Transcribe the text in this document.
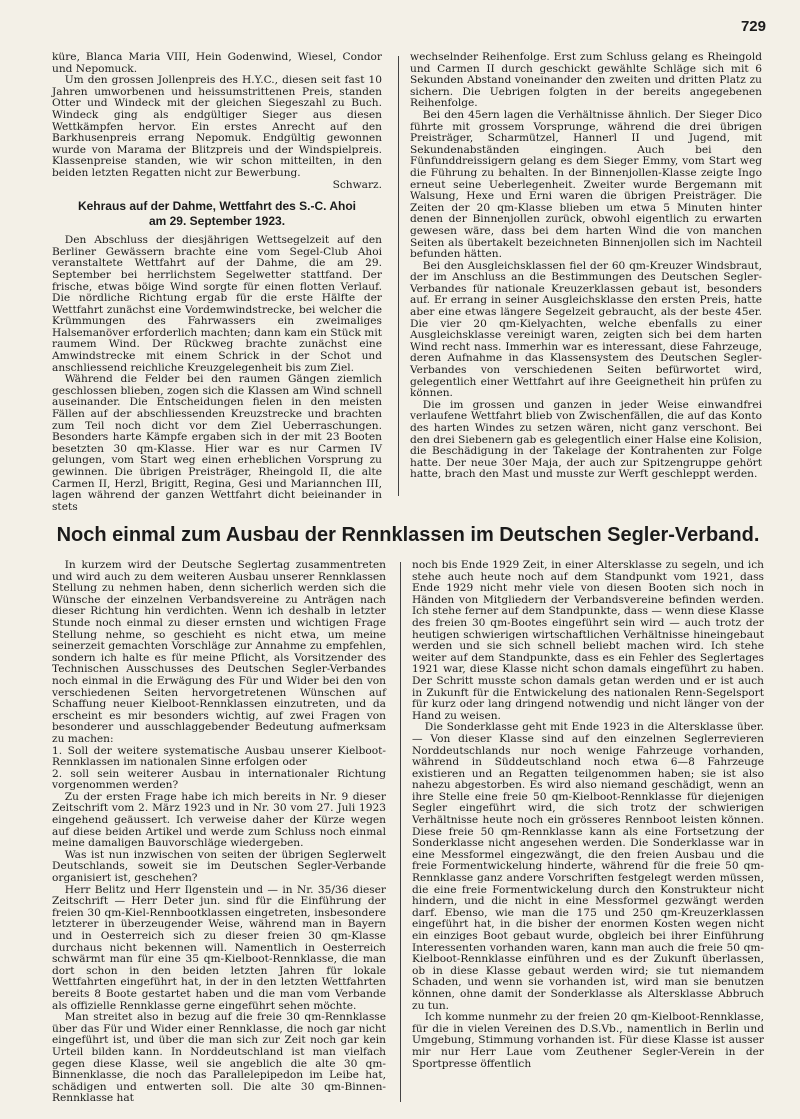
729

küre, Blanca Maria VIII, Hein Godenwind, Wiesel, Condor und Nepomuck.

Um den grossen Jollenpreis des H.Y.C., diesen seit fast 10 Jahren umworbenen und heissumstrittenen Preis, standen Otter und Windeck mit der gleichen Siegeszahl zu Buch. Windeck ging als endgültiger Sieger aus diesen Wettkämpfen hervor. Ein erstes Anrecht auf den Barkhusenpreis errang Nepomuk. Endgültig gewonnen wurde von Marama der Blitzpreis und der Windspielpreis. Klassenpreise standen, wie wir schon mitteilten, in den beiden letzten Regatten nicht zur Bewerbung.

Schwarz.

Kehraus auf der Dahme, Wettfahrt des S.-C. Ahoi
am 29. September 1923.

Den Abschluss der diesjährigen Wettsegelzeit auf den Berliner Gewässern brachte eine vom Segel-Club Ahoi veranstaltete Wettfahrt auf der Dahme, die am 29. September bei herrlichstem Segelwetter stattfand. Der frische, etwas böige Wind sorgte für einen flotten Verlauf. Die nördliche Richtung ergab für die erste Hälfte der Wettfahrt zunächst eine Vordemwindstrecke, bei welcher die Krümmungen des Fahrwassers ein zweimaliges Halsemanöver erforderlich machten; dann kam ein Stück mit raumem Wind. Der Rückweg brachte zunächst eine Amwindstrecke mit einem Schrick in der Schot und anschliessend reichliche Kreuzgelegenheit bis zum Ziel.

Während die Felder bei den raumen Gängen ziemlich geschlossen blieben, zogen sich die Klassen am Wind schnell auseinander. Die Entscheidungen fielen in den meisten Fällen auf der abschliessenden Kreuzstrecke und brachten zum Teil noch dicht vor dem Ziel Ueberraschungen. Besonders harte Kämpfe ergaben sich in der mit 23 Booten besetzten 30 qm-Klasse. Hier war es nur Carmen IV gelungen, vom Start weg einen erheblichen Vorsprung zu gewinnen. Die übrigen Preisträger, Rheingold II, die alte Carmen II, Herzl, Brigitt, Regina, Gesi und Mariannchen III, lagen während der ganzen Wettfahrt dicht beieinander in stets

wechselnder Reihenfolge. Erst zum Schluss gelang es Rheingold und Carmen II durch geschickt gewählte Schläge sich mit 6 Sekunden Abstand voneinander den zweiten und dritten Platz zu sichern. Die Uebrigen folgten in der bereits angegebenen Reihenfolge.

Bei den 45ern lagen die Verhältnisse ähnlich. Der Sieger Dico führte mit grossem Vorsprunge, während die drei übrigen Preisträger, Scharmützel, Hannerl II und Jugend, mit Sekundenabständen eingingen. Auch bei den Fünfunddreissigern gelang es dem Sieger Emmy, vom Start weg die Führung zu behalten. In der Binnenjollen-Klasse zeigte Ingo erneut seine Ueberlegenheit. Zweiter wurde Bergemann mit Walsung, Hexe und Erni waren die übrigen Preisträger. Die Zeiten der 20 qm-Klasse blieben um etwa 5 Minuten hinter denen der Binnenjollen zurück, obwohl eigentlich zu erwarten gewesen wäre, dass bei dem harten Wind die von manchen Seiten als übertakelt bezeichneten Binnenjollen sich im Nachteil befunden hätten.

Bei den Ausgleichsklassen fiel der 60 qm-Kreuzer Windsbraut, der im Anschluss an die Bestimmungen des Deutschen Segler-Verbandes für nationale Kreuzerklassen gebaut ist, besonders auf. Er errang in seiner Ausgleichsklasse den ersten Preis, hatte aber eine etwas längere Segelzeit gebraucht, als der beste 45er. Die vier 20 qm-Kielyachten, welche ebenfalls zu einer Ausgleichsklasse vereinigt waren, zeigten sich bei dem harten Wind recht nass. Immerhin war es interessant, diese Fahrzeuge, deren Aufnahme in das Klassensystem des Deutschen Segler-Verbandes von verschiedenen Seiten befürwortet wird, gelegentlich einer Wettfahrt auf ihre Geeignetheit hin prüfen zu können.

Die im grossen und ganzen in jeder Weise einwandfrei verlaufene Wettfahrt blieb von Zwischenfällen, die auf das Konto des harten Windes zu setzen wären, nicht ganz verschont. Bei den drei Siebenern gab es gelegentlich einer Halse eine Kolision, die Beschädigung in der Takelage der Kontrahenten zur Folge hatte. Der neue 30er Maja, der auch zur Spitzengruppe gehört hatte, brach den Mast und musste zur Werft geschleppt werden.

Noch einmal zum Ausbau der Rennklassen im Deutschen Segler-Verband.

In kurzem wird der Deutsche Seglertag zusammentreten und wird auch zu dem weiteren Ausbau unserer Rennklassen Stellung zu nehmen haben, denn sicherlich werden sich die Wünsche der einzelnen Verbandsvereine zu Anträgen nach dieser Richtung hin verdichten. Wenn ich deshalb in letzter Stunde noch einmal zu dieser ernsten und wichtigen Frage Stellung nehme, so geschieht es nicht etwa, um meine seinerzeit gemachten Vorschläge zur Annahme zu empfehlen, sondern ich halte es für meine Pflicht, als Vorsitzender des Technischen Ausschusses des Deutschen Segler-Verbandes noch einmal in die Erwägung des Für und Wider bei den von verschiedenen Seiten hervorgetretenen Wünschen auf Schaffung neuer Kielboot-Rennklassen einzutreten, und da erscheint es mir besonders wichtig, auf zwei Fragen von besonderer und ausschlaggebender Bedeutung aufmerksam zu machen:

1. Soll der weitere systematische Ausbau unserer Kielboot-Rennklassen im nationalen Sinne erfolgen oder

2. soll sein weiterer Ausbau in internationaler Richtung vorgenommen werden?

Zu der ersten Frage habe ich mich bereits in Nr. 9 dieser Zeitschrift vom 2. März 1923 und in Nr. 30 vom 27. Juli 1923 eingehend geäussert. Ich verweise daher der Kürze wegen auf diese beiden Artikel und werde zum Schluss noch einmal meine damaligen Bauvorschläge wiedergeben.

Was ist nun inzwischen von seiten der übrigen Seglerwelt Deutschlands, soweit sie im Deutschen Segler-Verbande organisiert ist, geschehen?

Herr Belitz und Herr Ilgenstein und — in Nr. 35/36 dieser Zeitschrift — Herr Deter jun. sind für die Einführung der freien 30 qm-Kiel-Rennbootklassen eingetreten, insbesondere letzterer in überzeugender Weise, während man in Bayern und in Oesterreich sich zu dieser freien 30 qm-Klasse durchaus nicht bekennen will. Namentlich in Oesterreich schwärmt man für eine 35 qm-Kielboot-Rennklasse, die man dort schon in den beiden letzten Jahren für lokale Wettfahrten eingeführt hat, in der in den letzten Wettfahrten bereits 8 Boote gestartet haben und die man vom Verbande als offizielle Rennklasse gerne eingeführt sehen möchte.

Man streitet also in bezug auf die freie 30 qm-Rennklasse über das Für und Wider einer Rennklasse, die noch gar nicht eingeführt ist, und über die man sich zur Zeit noch gar kein Urteil bilden kann. In Norddeutschland ist man vielfach gegen diese Klasse, weil sie angeblich die alte 30 qm-Binnenklasse, die noch das Parallelepipedon im Leibe hat, schädigen und entwerten soll. Die alte 30 qm-Binnen-Rennklasse hat

noch bis Ende 1929 Zeit, in einer Altersklasse zu segeln, und ich stehe auch heute noch auf dem Standpunkt vom 1921, dass Ende 1929 nicht mehr viele von diesen Booten sich noch in Händen von Mitgliedern der Verbandsvereine befinden werden. Ich stehe ferner auf dem Standpunkte, dass — wenn diese Klasse des freien 30 qm-Bootes eingeführt sein wird — auch trotz der heutigen schwierigen wirtschaftlichen Verhältnisse hineingebaut werden und sie sich schnell beliebt machen wird. Ich stehe weiter auf dem Standpunkte, dass es ein Fehler des Seglertages 1921 war, diese Klasse nicht schon damals eingeführt zu haben. Der Schritt musste schon damals getan werden und er ist auch in Zukunft für die Entwickelung des nationalen Renn-Segelsport für kurz oder lang dringend notwendig und nicht länger von der Hand zu weisen.

Die Sonderklasse geht mit Ende 1923 in die Altersklasse über. — Von dieser Klasse sind auf den einzelnen Seglerrevieren Norddeutschlands nur noch wenige Fahrzeuge vorhanden, während in Süddeutschland noch etwa 6—8 Fahrzeuge existieren und an Regatten teilgenommen haben; sie ist also nahezu abgestorben. Es wird also niemand geschädigt, wenn an ihre Stelle eine freie 50 qm-Kielboot-Rennklasse für diejenigen Segler eingeführt wird, die sich trotz der schwierigen Verhältnisse heute noch ein grösseres Rennboot leisten können. Diese freie 50 qm-Rennklasse kann als eine Fortsetzung der Sonderklasse nicht angesehen werden. Die Sonderklasse war in eine Messformel eingezwängt, die den freien Ausbau und die freie Formentwickelung hinderte, während für die freie 50 qm-Rennklasse ganz andere Vorschriften festgelegt werden müssen, die eine freie Formentwickelung durch den Konstrukteur nicht hindern, und die nicht in eine Messformel gezwängt werden darf. Ebenso, wie man die 175 und 250 qm-Kreuzerklassen eingeführt hat, in die bisher der enormen Kosten wegen nicht ein einziges Boot gebaut wurde, obgleich bei ihrer Einführung Interessenten vorhanden waren, kann man auch die freie 50 qm-Kielboot-Rennklasse einführen und es der Zukunft überlassen, ob in diese Klasse gebaut werden wird; sie tut niemandem Schaden, und wenn sie vorhanden ist, wird man sie benutzen können, ohne damit der Sonderklasse als Altersklasse Abbruch zu tun.

Ich komme nunmehr zu der freien 20 qm-Kielboot-Rennklasse, für die in vielen Vereinen des D.S.Vb., namentlich in Berlin und Umgebung, Stimmung vorhanden ist. Für diese Klasse ist ausser mir nur Herr Laue vom Zeuthener Segler-Verein in der Sportpresse öffentlich
